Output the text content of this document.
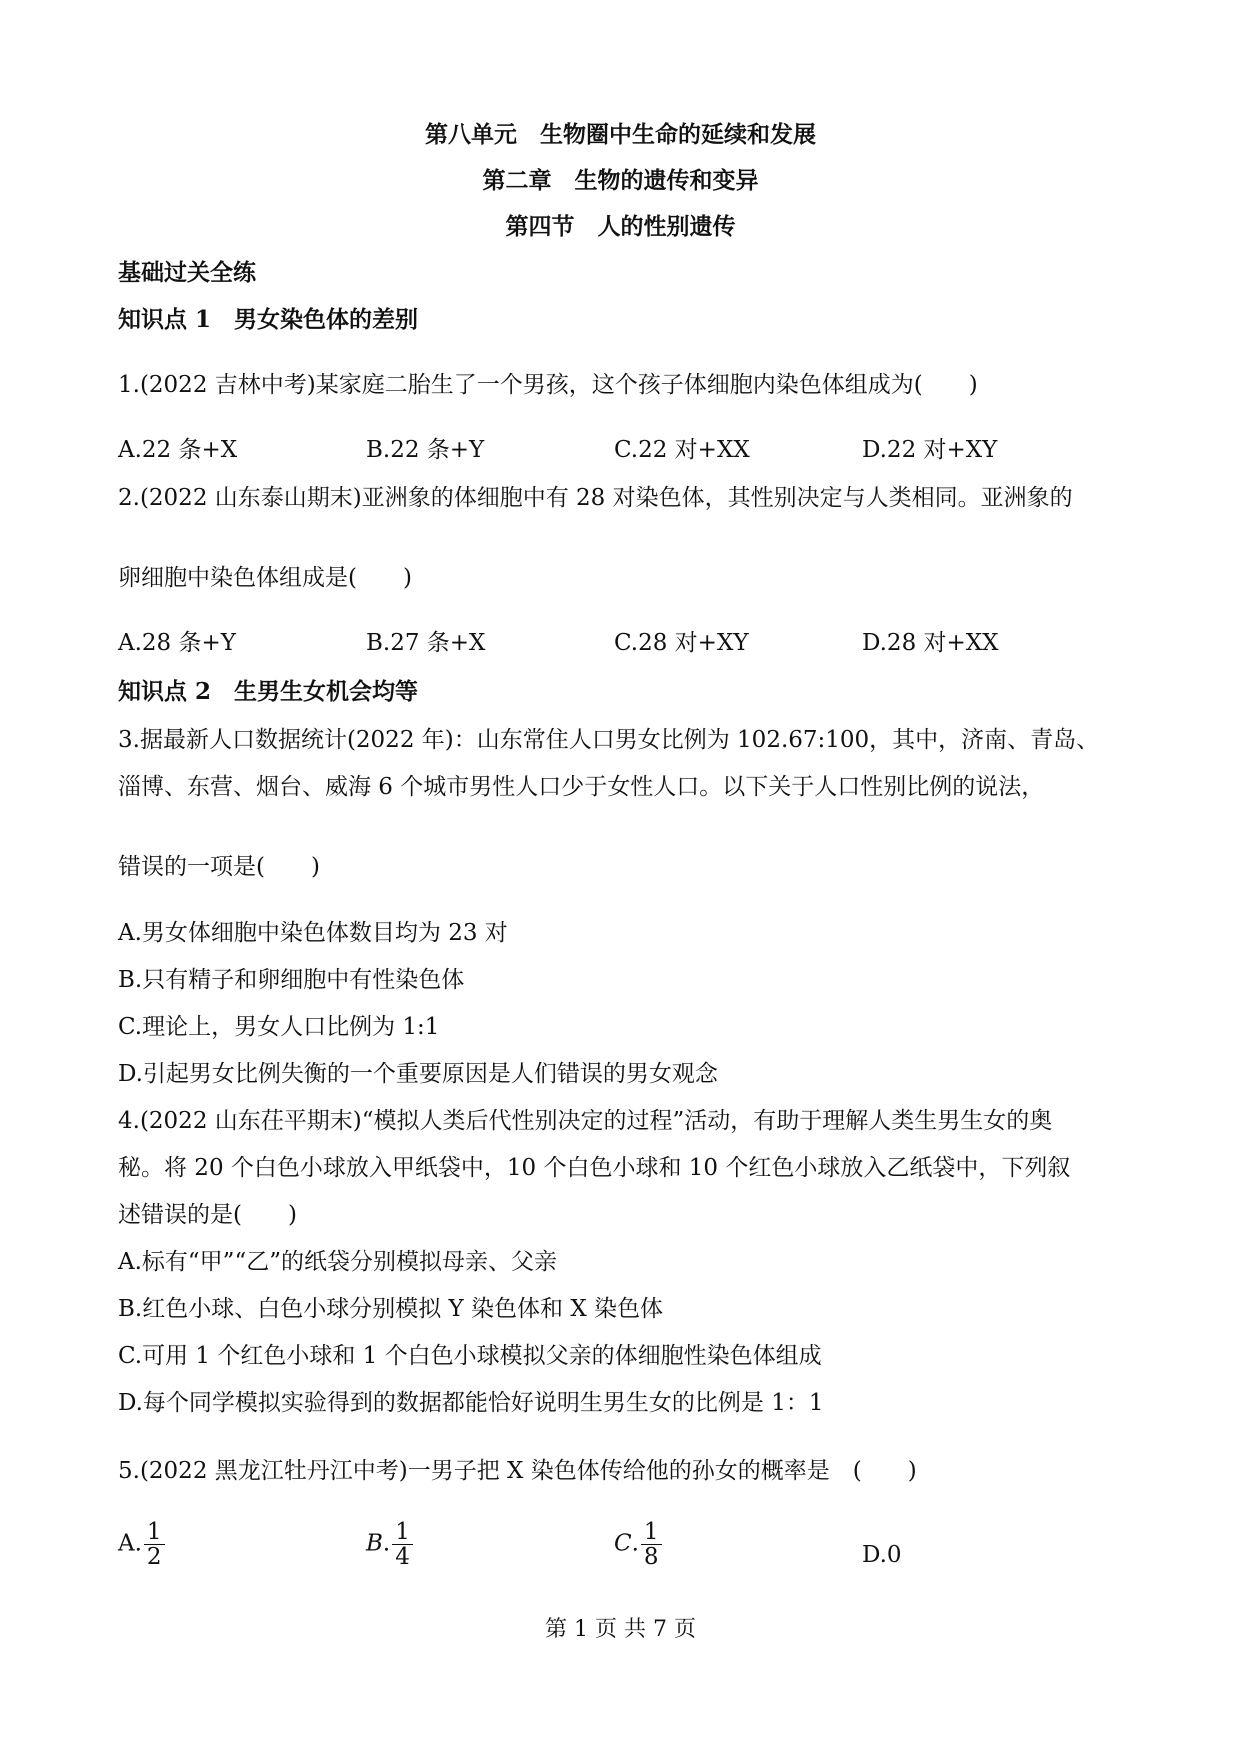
第八单元　生物圈中生命的延续和发展
第二章　生物的遗传和变异
第四节　人的性别遗传
基础过关全练
知识点 1　男女染色体的差别
1.(2022 吉林中考)某家庭二胎生了一个男孩，这个孩子体细胞内染色体组成为(　　)
A.22 条+X	B.22 条+Y	C.22 对+XX	D.22 对+XY
2.(2022 山东泰山期末)亚洲象的体细胞中有 28 对染色体，其性别决定与人类相同。亚洲象的
卵细胞中染色体组成是(　　)
A.28 条+Y	B.27 条+X	C.28 对+XY	D.28 对+XX
知识点 2　生男生女机会均等
3.据最新人口数据统计(2022 年)：山东常住人口男女比例为 102.67:100，其中，济南、青岛、
淄博、东营、烟台、威海 6 个城市男性人口少于女性人口。以下关于人口性别比例的说法，
错误的一项是(　　)
A.男女体细胞中染色体数目均为 23 对
B.只有精子和卵细胞中有性染色体
C.理论上，男女人口比例为 1:1
D.引起男女比例失衡的一个重要原因是人们错误的男女观念
4.(2022 山东茌平期末)“模拟人类后代性别决定的过程”活动，有助于理解人类生男生女的奥
秘。将 20 个白色小球放入甲纸袋中，10 个白色小球和 10 个红色小球放入乙纸袋中，下列叙
述错误的是(　　)
A.标有“甲”“乙”的纸袋分别模拟母亲、父亲
B.红色小球、白色小球分别模拟 Y 染色体和 X 染色体
C.可用 1 个红色小球和 1 个白色小球模拟父亲的体细胞性染色体组成
D.每个同学模拟实验得到的数据都能恰好说明生男生女的比例是 1：1
5.(2022 黑龙江牡丹江中考)一男子把 X 染色体传给他的孙女的概率是　(　　)
A. $\frac{1}{2}$	B. $\frac{1}{4}$	C. $\frac{1}{8}$	D.0
第 1 页 共 7 页
